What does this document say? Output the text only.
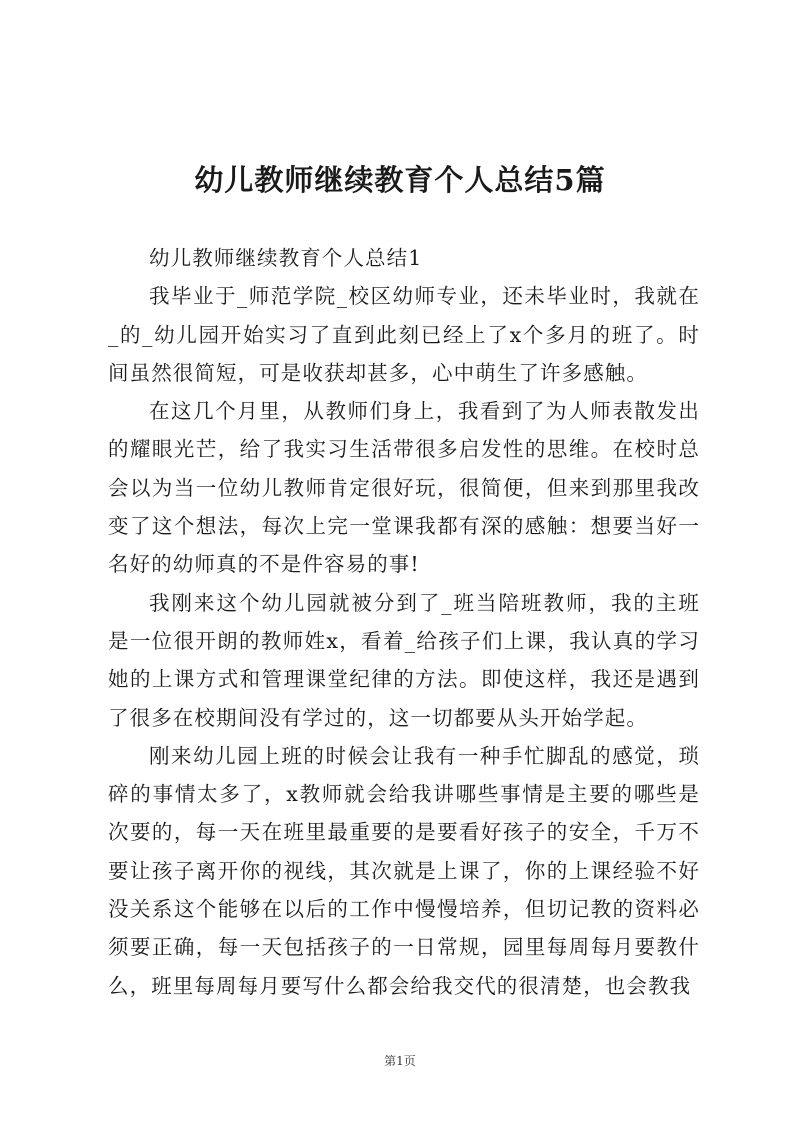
幼儿教师继续教育个人总结5篇

幼儿教师继续教育个人总结1

我毕业于_师范学院_校区幼师专业，还未毕业时，我就在_的_幼儿园开始实习了直到此刻已经上了x个多月的班了。时间虽然很简短，可是收获却甚多，心中萌生了许多感触。

在这几个月里，从教师们身上，我看到了为人师表散发出的耀眼光芒，给了我实习生活带很多启发性的思维。在校时总会以为当一位幼儿教师肯定很好玩，很简便，但来到那里我改变了这个想法，每次上完一堂课我都有深的感触：想要当好一名好的幼师真的不是件容易的事!

我刚来这个幼儿园就被分到了_班当陪班教师，我的主班是一位很开朗的教师姓x，看着_给孩子们上课，我认真的学习她的上课方式和管理课堂纪律的方法。即使这样，我还是遇到了很多在校期间没有学过的，这一切都要从头开始学起。

刚来幼儿园上班的时候会让我有一种手忙脚乱的感觉，琐碎的事情太多了，x教师就会给我讲哪些事情是主要的哪些是次要的，每一天在班里最重要的是要看好孩子的安全，千万不要让孩子离开你的视线，其次就是上课了，你的上课经验不好没关系这个能够在以后的工作中慢慢培养，但切记教的资料必须要正确，每一天包括孩子的一日常规，园里每周每月要教什么，班里每周每月要写什么都会给我交代的很清楚，也会教我

第1页
